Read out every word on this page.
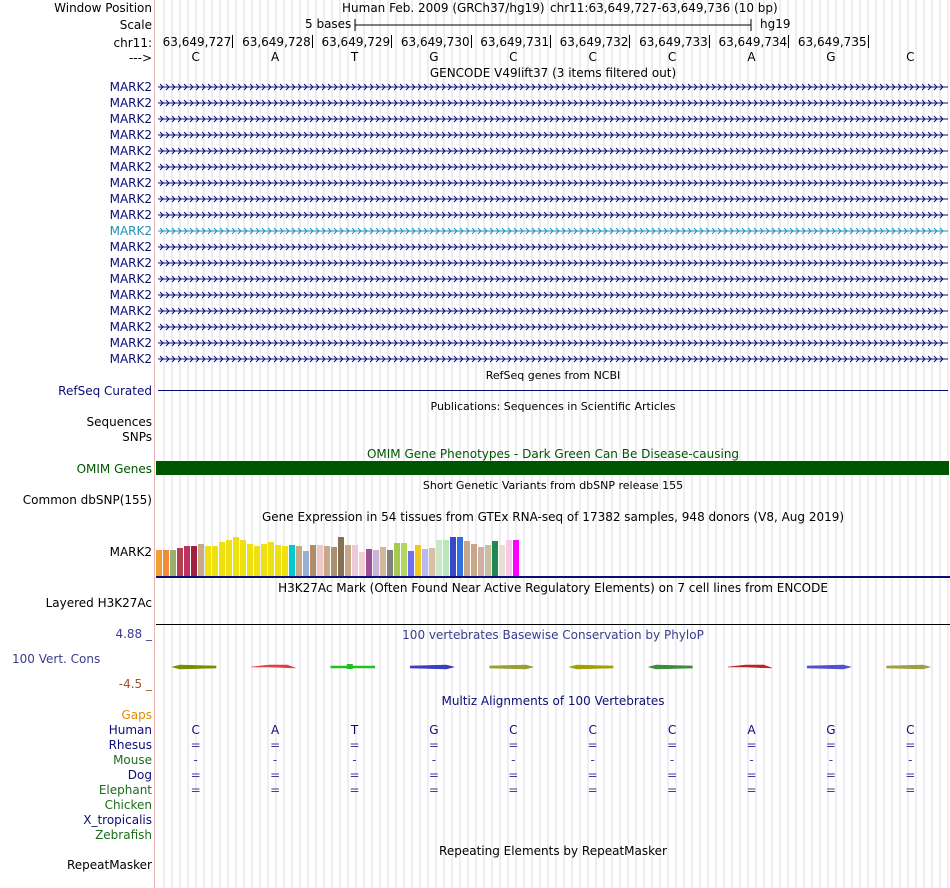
Window Position	Human Feb. 2009 (GRCh37/hg19) chr11:63,649,727-63,649,736 (10 bp)
Scale	5 bases	hg19
chr11:
--->
GENCODE V49lift37 (3 items filtered out)
RefSeq genes from NCBI
RefSeq Curated
Publications: Sequences in Scientific Articles
Sequences
SNPs
OMIM Gene Phenotypes - Dark Green Can Be Disease-causing
OMIM Genes
Common dbSNP(155)
Short Genetic Variants from dbSNP release 155
Gene Expression in 54 tissues from GTEx RNA-seq of 17382 samples, 948 donors (V8, Aug 2019)
MARK2
H3K27Ac Mark (Often Found Near Active Regulatory Elements) on 7 cell lines from ENCODE
Layered H3K27Ac
100 vertebrates Basewise Conservation by PhyloP
4.88 _
100 Vert. Cons
-4.5 _
Multiz Alignments of 100 Vertebrates
Gaps
Repeating Elements by RepeatMasker
RepeatMasker
63,649,727 63,649,728 63,649,729 63,649,730 63,649,731 63,649,732 63,649,733 63,649,734 63,649,735
C	A	T	G	C	C	C	A	G	C
MARK2
MARK2
MARK2
MARK2
MARK2
MARK2
MARK2
MARK2
MARK2
MARK2
MARK2
MARK2
MARK2
MARK2
MARK2
MARK2
MARK2
MARK2
Human	C	A	T	G	C	C	C	A	G	C
Rhesus	=	=	=	=	=	=	=	=	=	=
Mouse	-	-	-	-	-	-	-	-	-	-
Dog	=	=	=	=	=	=	=	=	=	=
Elephant	=	=	=	=	=	=	=	=	=	=
Chicken
X_tropicalis
Zebrafish
